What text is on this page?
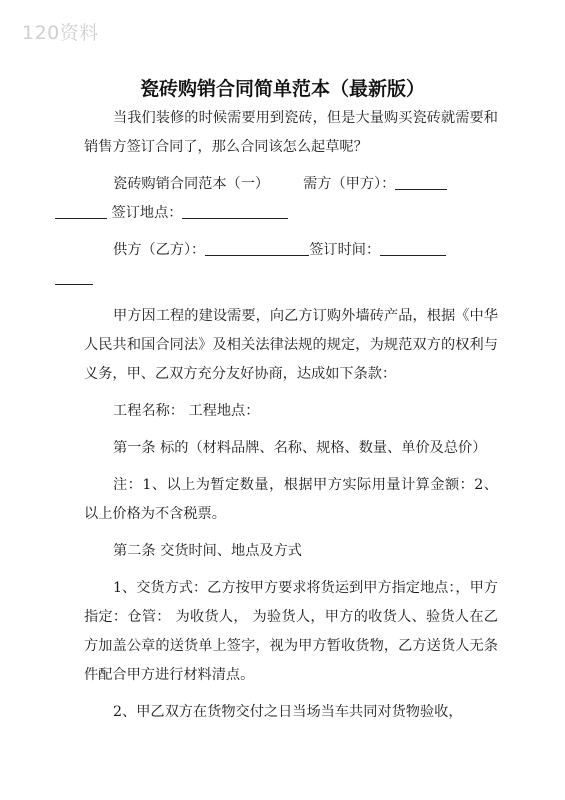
120资料
瓷砖购销合同简单范本（最新版）

当我们装修的时候需要用到瓷砖，但是大量购买瓷砖就需要和销售方签订合同了，那么合同该怎么起草呢？

瓷砖购销合同范本（一） 需方（甲方）：
签订地点：

供方（乙方）：	签订时间：

甲方因工程的建设需要，向乙方订购外墙砖产品，根据《中华人民共和国合同法》及相关法律法规的规定，为规范双方的权利与义务，甲、乙双方充分友好协商，达成如下条款：

工程名称： 工程地点：

第一条 标的（材料品牌、名称、规格、数量、单价及总价）

注：1、以上为暂定数量，根据甲方实际用量计算金额：2、以上价格为不含税票。

第二条 交货时间、地点及方式

1、交货方式：乙方按甲方要求将货运到甲方指定地点：，甲方指定：仓管： 为收货人， 为验货人，甲方的收货人、验货人在乙方加盖公章的送货单上签字，视为甲方暂收货物，乙方送货人无条件配合甲方进行材料清点。

2、甲乙双方在货物交付之日当场当车共同对货物验收，
